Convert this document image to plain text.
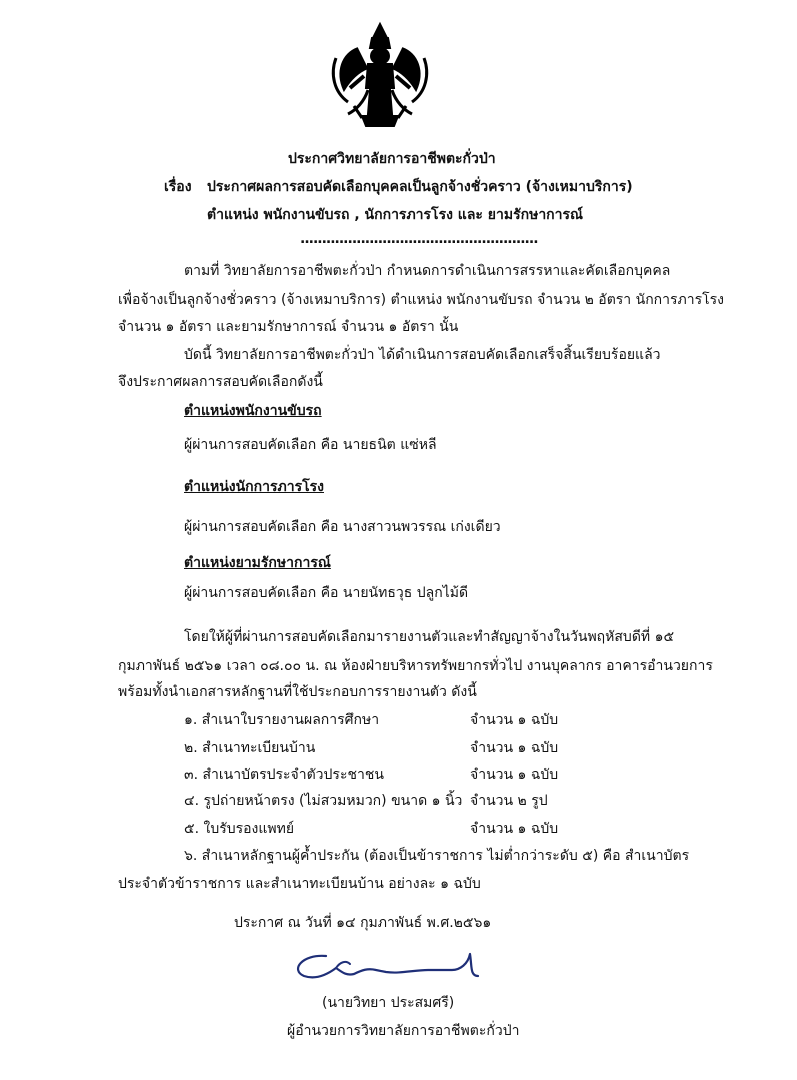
ประกาศวิทยาลัยการอาชีพตะกั่วป่า
เรื่อง ประกาศผลการสอบคัดเลือกบุคคลเป็นลูกจ้างชั่วคราว (จ้างเหมาบริการ)
ตำแหน่ง พนักงานขับรถ , นักการภารโรง และ ยามรักษาการณ์
.......................................................
ตามที่ วิทยาลัยการอาชีพตะกั่วป่า กำหนดการดำเนินการสรรหาและคัดเลือกบุคคล
เพื่อจ้างเป็นลูกจ้างชั่วคราว (จ้างเหมาบริการ) ตำแหน่ง พนักงานขับรถ จำนวน ๒ อัตรา นักการภารโรง
จำนวน ๑ อัตรา และยามรักษาการณ์ จำนวน ๑ อัตรา นั้น
บัดนี้ วิทยาลัยการอาชีพตะกั่วป่า ได้ดำเนินการสอบคัดเลือกเสร็จสิ้นเรียบร้อยแล้ว
จึงประกาศผลการสอบคัดเลือกดังนี้
ตำแหน่งพนักงานขับรถ
ผู้ผ่านการสอบคัดเลือก คือ นายธนิต แซ่หลี
ตำแหน่งนักการภารโรง
ผู้ผ่านการสอบคัดเลือก คือ นางสาวนพวรรณ เก่งเดียว
ตำแหน่งยามรักษาการณ์
ผู้ผ่านการสอบคัดเลือก คือ นายนัทธวุธ ปลูกไม้ดี
โดยให้ผู้ที่ผ่านการสอบคัดเลือกมารายงานตัวและทำสัญญาจ้างในวันพฤหัสบดีที่ ๑๕
กุมภาพันธ์ ๒๕๖๑ เวลา ๐๘.๐๐ น. ณ ห้องฝ่ายบริหารทรัพยากรทั่วไป งานบุคลากร อาคารอำนวยการ
พร้อมทั้งนำเอกสารหลักฐานที่ใช้ประกอบการรายงานตัว ดังนี้
๑. สำเนาใบรายงานผลการศึกษา	จำนวน ๑ ฉบับ
๒. สำเนาทะเบียนบ้าน	จำนวน ๑ ฉบับ
๓. สำเนาบัตรประจำตัวประชาชน	จำนวน ๑ ฉบับ
๔. รูปถ่ายหน้าตรง (ไม่สวมหมวก) ขนาด ๑ นิ้ว จำนวน ๒ รูป
๕. ใบรับรองแพทย์	จำนวน ๑ ฉบับ
๖. สำเนาหลักฐานผู้ค้ำประกัน (ต้องเป็นข้าราชการ ไม่ต่ำกว่าระดับ ๕) คือ สำเนาบัตร
ประจำตัวข้าราชการ และสำเนาทะเบียนบ้าน อย่างละ ๑ ฉบับ
ประกาศ ณ วันที่ ๑๔ กุมภาพันธ์ พ.ศ.๒๕๖๑
(นายวิทยา ประสมศรี)
ผู้อำนวยการวิทยาลัยการอาชีพตะกั่วป่า
